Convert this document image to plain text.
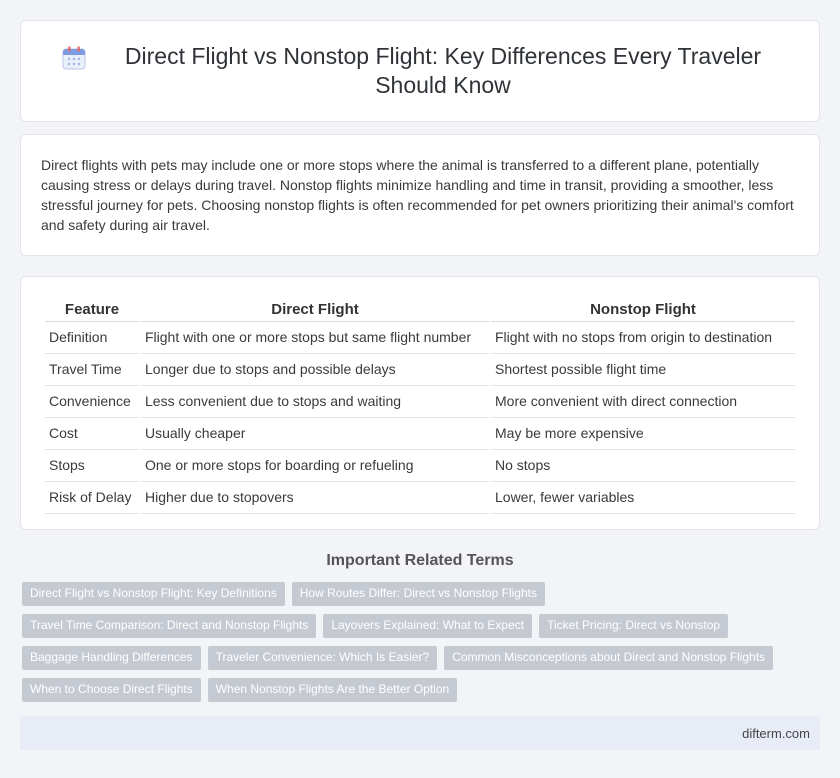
Direct Flight vs Nonstop Flight: Key Differences Every Traveler Should Know

Direct flights with pets may include one or more stops where the animal is transferred to a different plane, potentially causing stress or delays during travel. Nonstop flights minimize handling and time in transit, providing a smoother, less stressful journey for pets. Choosing nonstop flights is often recommended for pet owners prioritizing their animal's comfort and safety during air travel.

Feature	Direct Flight	Nonstop Flight
Definition	Flight with one or more stops but same flight number	Flight with no stops from origin to destination
Travel Time	Longer due to stops and possible delays	Shortest possible flight time
Convenience	Less convenient due to stops and waiting	More convenient with direct connection
Cost	Usually cheaper	May be more expensive
Stops	One or more stops for boarding or refueling	No stops
Risk of Delay	Higher due to stopovers	Lower, fewer variables
Important Related Terms
Direct Flight vs Nonstop Flight: Key Definitions	How Routes Differ: Direct vs Nonstop Flights
Travel Time Comparison: Direct and Nonstop Flights	Layovers Explained: What to Expect	Ticket Pricing: Direct vs Nonstop
Baggage Handling Differences	Traveler Convenience: Which Is Easier?	Common Misconceptions about Direct and Nonstop Flights
When to Choose Direct Flights	When Nonstop Flights Are the Better Option
difterm.com
